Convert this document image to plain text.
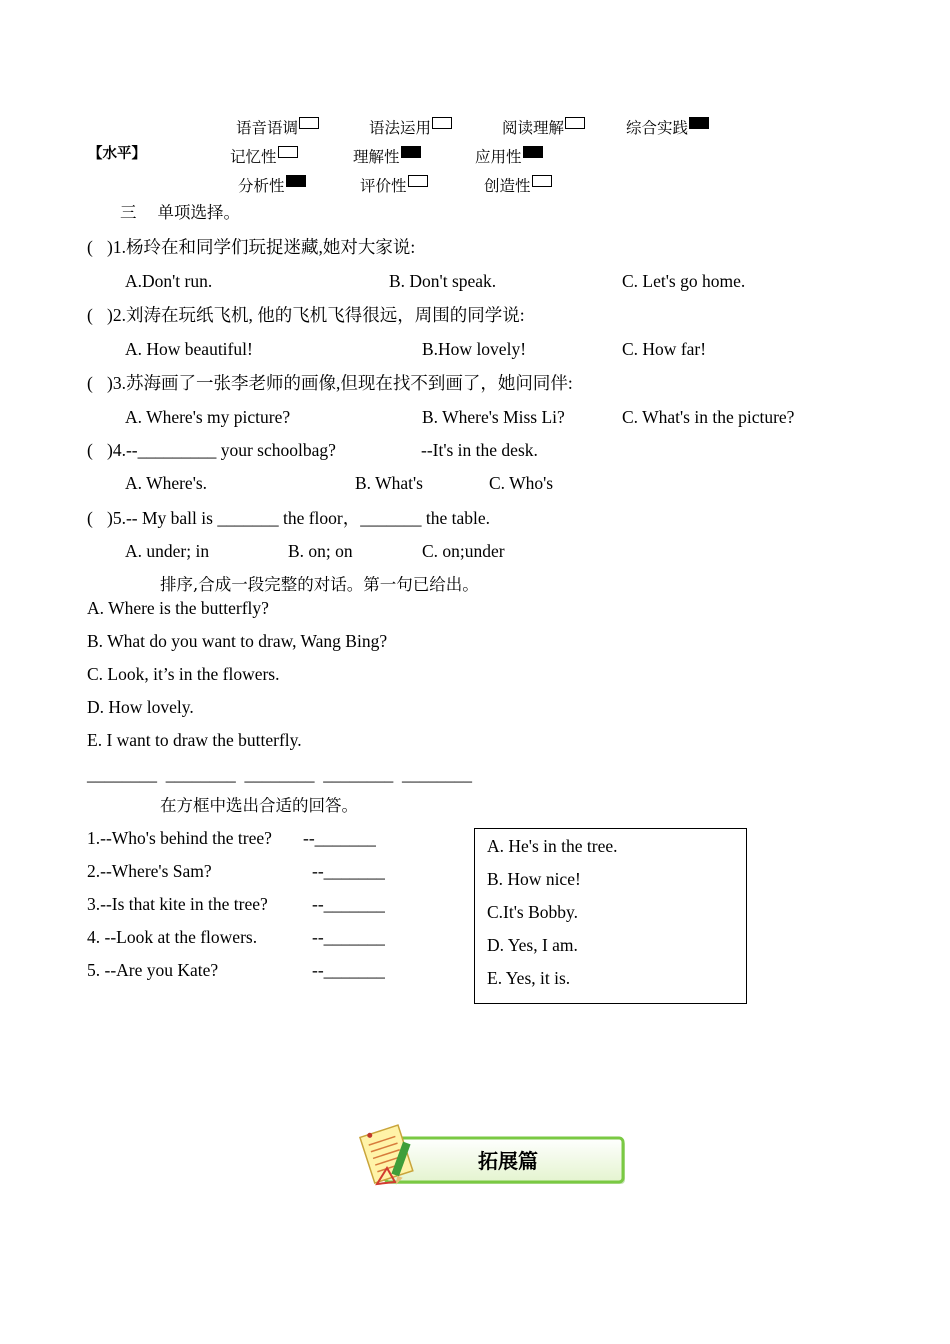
【水平】
语音语调	语法运用	阅读理解	综合实践
记忆性	理解性	应用性
分析性	评价性	创造性
三    单项选择。
( )1.杨玲在和同学们玩捉迷藏,她对大家说:
A.Don't run.	B. Don't speak.	C. Let's go home.
( )2.刘涛在玩纸飞机, 他的飞机飞得很远，周围的同学说:
A. How beautiful!	B.How lovely!	C. How far!
( )3.苏海画了一张李老师的画像,但现在找不到画了，她问同伴:
A. Where's my picture?	B. Where's Miss Li?	C. What's in the picture?
( )4.--_________ your schoolbag?	--It's in the desk.
A. Where's.	B. What's	C. Who's
( )5.-- My ball is _______ the floor，_______ the table.
A. under; in	B. on; on	C. on;under
排序,合成一段完整的对话。第一句已给出。
A. Where is the butterfly?
B. What do you want to draw, Wang Bing?
C. Look, it’s in the flowers.
D. How lovely.
E. I want to draw the butterfly.
________  ________  ________  ________  ________
在方框中选出合适的回答。
1.--Who's behind the tree? --_______
2.--Where's Sam?	--_______
3.--Is that kite in the tree?	--_______
4. --Look at the flowers.	--_______
5. --Are you Kate?	--_______
A. He's in the tree.
B. How nice!
C.It's Bobby.
D. Yes, I am.
E. Yes, it is.
拓展篇
